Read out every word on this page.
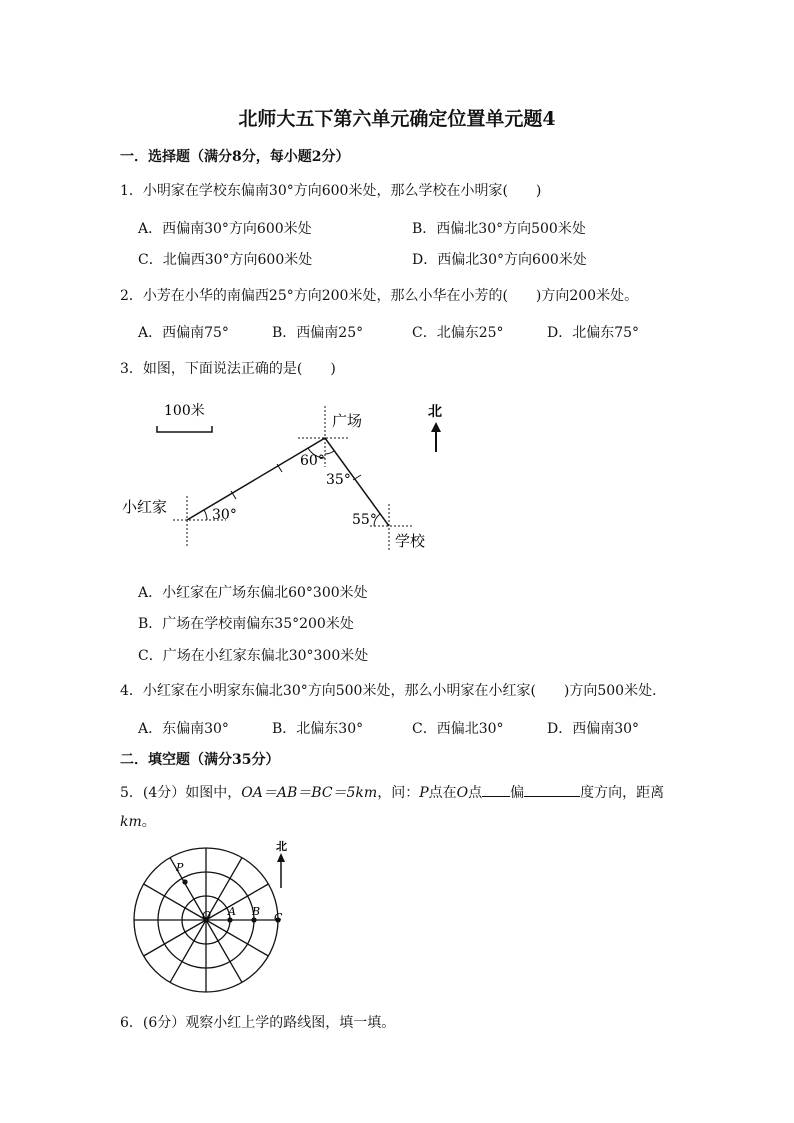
北师大五下第六单元确定位置单元题4
一．选择题（满分8分，每小题2分）
1．小明家在学校东偏南30°方向600米处，那么学校在小明家(　　)
A．西偏南30°方向600米处	B．西偏北30°方向500米处
C．北偏西30°方向600米处	D．西偏北30°方向600米处
2．小芳在小华的南偏西25°方向200米处，那么小华在小芳的(　　)方向200米处。
A．西偏南75°	B．西偏南25°	C．北偏东25°	D．北偏东75°
3．如图，下面说法正确的是(　　)
100米	北
广场
小红家
学校
30°
60°
35°
55°
A．小红家在广场东偏北60°300米处
B．广场在学校南偏东35°200米处
C．广场在小红家东偏北30°300米处
4．小红家在小明家东偏北30°方向500米处，那么小明家在小红家(　　)方向500米处．
A．东偏南30°	B．北偏东30°	C．西偏北30°	D．西偏南30°
二．填空题（满分35分）
5．(4分）如图中，OA＝AB＝BC＝5km，问：P点在O点 偏	度方向，距离
km。
北
P
O A B C
6．(6分）观察小红上学的路线图，填一填。
